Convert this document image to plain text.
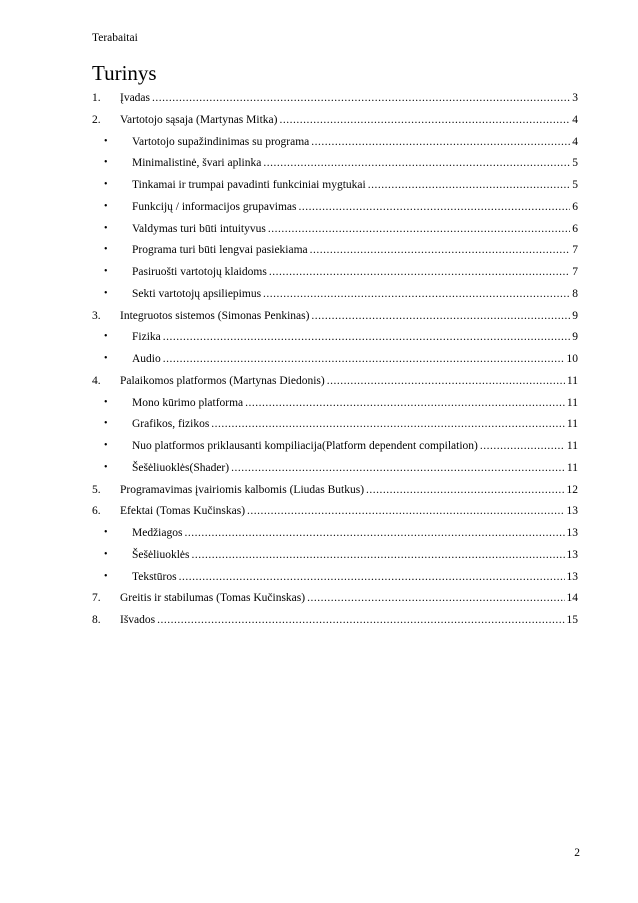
Terabaitai
Turinys
1.	Įvadas .....	3
2.	Vartotojo sąsaja (Martynas Mitka) .....	4
•	Vartotojo supažindinimas su programa .....	4
•	Minimalistinė, švari aplinka .....	5
•	Tinkamai ir trumpai pavadinti funkciniai mygtukai .....	5
•	Funkcijų / informacijos grupavimas .....	6
•	Valdymas turi būti intuityvus .....	6
•	Programa turi būti lengvai pasiekiama .....	7
•	Pasiruošti vartotojų klaidoms .....	7
•	Sekti vartotojų apsiliepimus .....	8
3.	Integruotos sistemos (Simonas Penkinas) .....	9
•	Fizika .....	9
•	Audio .....	10
4.	Palaikomos platformos (Martynas Diedonis) .....	11
•	Mono kūrimo platforma .....	11
•	Grafikos, fizikos .....	11
•	Nuo platformos priklausanti kompiliacija(Platform dependent compilation) .....	11
•	Šešėliuoklės(Shader) .....	11
5.	Programavimas įvairiomis kalbomis (Liudas Butkus) .....	12
6.	Efektai (Tomas Kučinskas) .....	13
•	Medžiagos .....	13
•	Šešėliuoklės .....	13
•	Tekstūros .....	13
7.	Greitis ir stabilumas (Tomas Kučinskas) .....	14
8.	Išvados .....	15
2
